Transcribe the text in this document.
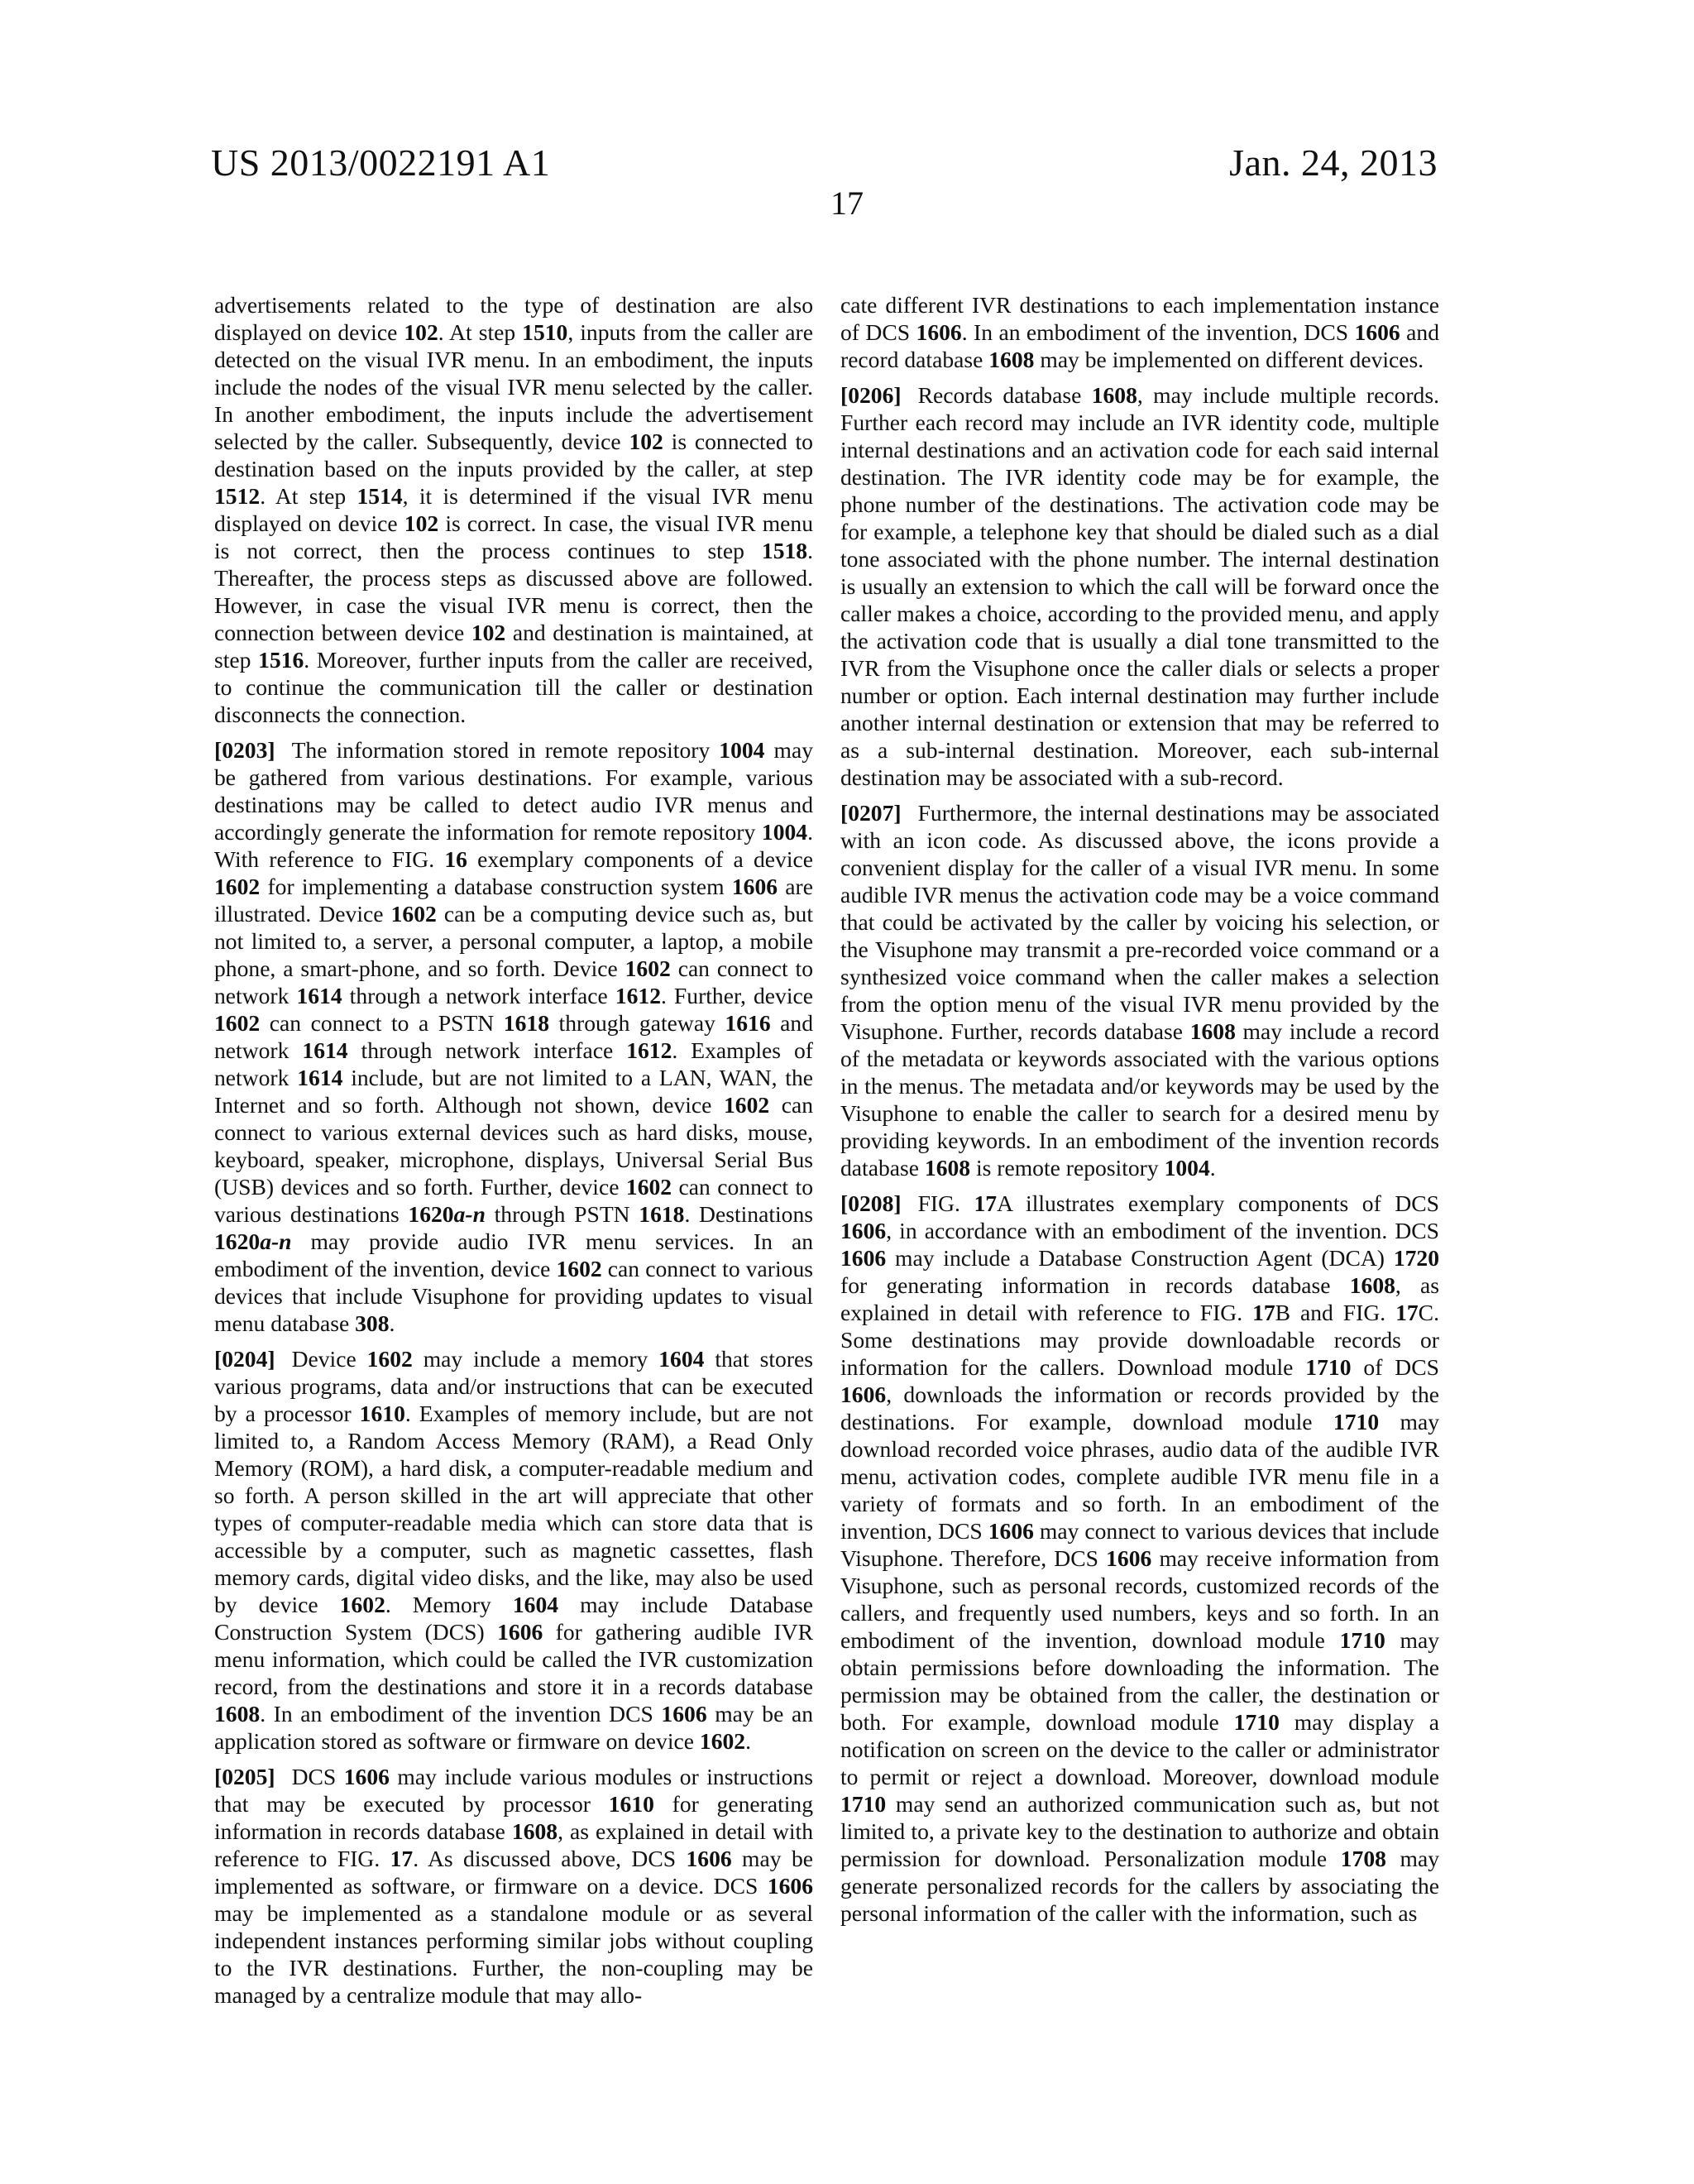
US 2013/0022191 A1	Jan. 24, 2013
17

advertisements related to the type of destination are also displayed on device 102. At step 1510, inputs from the caller are detected on the visual IVR menu. In an embodiment, the inputs include the nodes of the visual IVR menu selected by the caller. In another embodiment, the inputs include the advertisement selected by the caller. Subsequently, device 102 is connected to destination based on the inputs provided by the caller, at step 1512. At step 1514, it is determined if the visual IVR menu displayed on device 102 is correct. In case, the visual IVR menu is not correct, then the process continues to step 1518. Thereafter, the process steps as discussed above are followed. However, in case the visual IVR menu is correct, then the connection between device 102 and destination is maintained, at step 1516. Moreover, further inputs from the caller are received, to continue the communication till the caller or destination disconnects the connection.

[0203] The information stored in remote repository 1004 may be gathered from various destinations. For example, various destinations may be called to detect audio IVR menus and accordingly generate the information for remote repository 1004. With reference to FIG. 16 exemplary components of a device 1602 for implementing a database construction system 1606 are illustrated. Device 1602 can be a computing device such as, but not limited to, a server, a personal computer, a laptop, a mobile phone, a smart-phone, and so forth. Device 1602 can connect to network 1614 through a network interface 1612. Further, device 1602 can connect to a PSTN 1618 through gateway 1616 and network 1614 through network interface 1612. Examples of network 1614 include, but are not limited to a LAN, WAN, the Internet and so forth. Although not shown, device 1602 can connect to various external devices such as hard disks, mouse, keyboard, speaker, microphone, displays, Universal Serial Bus (USB) devices and so forth. Further, device 1602 can connect to various destinations 1620a-n through PSTN 1618. Destinations 1620a-n may provide audio IVR menu services. In an embodiment of the invention, device 1602 can connect to various devices that include Visuphone for providing updates to visual menu database 308.

[0204] Device 1602 may include a memory 1604 that stores various programs, data and/or instructions that can be executed by a processor 1610. Examples of memory include, but are not limited to, a Random Access Memory (RAM), a Read Only Memory (ROM), a hard disk, a computer-readable medium and so forth. A person skilled in the art will appreciate that other types of computer-readable media which can store data that is accessible by a computer, such as magnetic cassettes, flash memory cards, digital video disks, and the like, may also be used by device 1602. Memory 1604 may include Database Construction System (DCS) 1606 for gathering audible IVR menu information, which could be called the IVR customization record, from the destinations and store it in a records database 1608. In an embodiment of the invention DCS 1606 may be an application stored as software or firmware on device 1602.

[0205] DCS 1606 may include various modules or instructions that may be executed by processor 1610 for generating information in records database 1608, as explained in detail with reference to FIG. 17. As discussed above, DCS 1606 may be implemented as software, or firmware on a device. DCS 1606 may be implemented as a standalone module or as several independent instances performing similar jobs without coupling to the IVR destinations. Further, the non-coupling may be managed by a centralize module that may allo-

cate different IVR destinations to each implementation instance of DCS 1606. In an embodiment of the invention, DCS 1606 and record database 1608 may be implemented on different devices.

[0206] Records database 1608, may include multiple records. Further each record may include an IVR identity code, multiple internal destinations and an activation code for each said internal destination. The IVR identity code may be for example, the phone number of the destinations. The activation code may be for example, a telephone key that should be dialed such as a dial tone associated with the phone number. The internal destination is usually an extension to which the call will be forward once the caller makes a choice, according to the provided menu, and apply the activation code that is usually a dial tone transmitted to the IVR from the Visuphone once the caller dials or selects a proper number or option. Each internal destination may further include another internal destination or extension that may be referred to as a sub-internal destination. Moreover, each sub-internal destination may be associated with a sub-record.

[0207] Furthermore, the internal destinations may be associated with an icon code. As discussed above, the icons provide a convenient display for the caller of a visual IVR menu. In some audible IVR menus the activation code may be a voice command that could be activated by the caller by voicing his selection, or the Visuphone may transmit a pre-recorded voice command or a synthesized voice command when the caller makes a selection from the option menu of the visual IVR menu provided by the Visuphone. Further, records database 1608 may include a record of the metadata or keywords associated with the various options in the menus. The metadata and/or keywords may be used by the Visuphone to enable the caller to search for a desired menu by providing keywords. In an embodiment of the invention records database 1608 is remote repository 1004.

[0208] FIG. 17A illustrates exemplary components of DCS 1606, in accordance with an embodiment of the invention. DCS 1606 may include a Database Construction Agent (DCA) 1720 for generating information in records database 1608, as explained in detail with reference to FIG. 17B and FIG. 17C. Some destinations may provide downloadable records or information for the callers. Download module 1710 of DCS 1606, downloads the information or records provided by the destinations. For example, download module 1710 may download recorded voice phrases, audio data of the audible IVR menu, activation codes, complete audible IVR menu file in a variety of formats and so forth. In an embodiment of the invention, DCS 1606 may connect to various devices that include Visuphone. Therefore, DCS 1606 may receive information from Visuphone, such as personal records, customized records of the callers, and frequently used numbers, keys and so forth. In an embodiment of the invention, download module 1710 may obtain permissions before downloading the information. The permission may be obtained from the caller, the destination or both. For example, download module 1710 may display a notification on screen on the device to the caller or administrator to permit or reject a download. Moreover, download module 1710 may send an authorized communication such as, but not limited to, a private key to the destination to authorize and obtain permission for download. Personalization module 1708 may generate personalized records for the callers by associating the personal information of the caller with the information, such as
